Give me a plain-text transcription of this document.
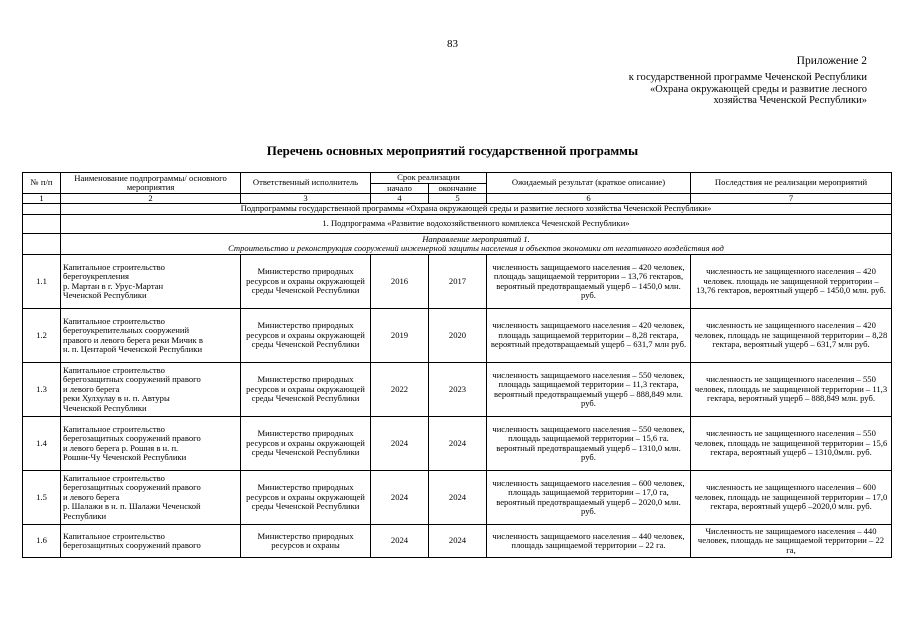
83
Приложение 2
к государственной программе Чеченской Республики «Охрана окружающей среды и развитие лесного хозяйства Чеченской Республики»
Перечень основных мероприятий государственной программы
№ п/п	Наименование подпрограммы/ основного мероприятия	Ответственный исполнитель	Срок реализации		Ожидаемый результат (краткое описание)	Последствия не реализации мероприятий
			начало	окончание		
1	2	3	4	5	6	7
	Подпрограммы государственной программы «Охрана окружающей среды и развитие лесного хозяйства Чеченской Республики»					
	1. Подпрограмма «Развитие водохозяйственного комплекса Чеченской Республики»					

	Направление мероприятий 1.
Строительство и реконструкция сооружений инженерной защиты населения и объектов экономики от негативного воздействия вод					

1.1	Капитальное строительство
берегоукрепления
р. Мартан в г. Урус-Мартан
Чеченской Республики	Министерство природных ресурсов и охраны окружающей среды Чеченской Республики	2016	2017	численность защищаемого населения – 420 человек, площадь защищаемой территории – 13,76 гектаров, вероятный предотвращаемый ущерб – 1450,0 млн. руб.	численность не защищенного населения – 420 человек. площадь не защищенной территории – 13,76 гектаров, вероятный ущерб – 1450,0 млн. руб.
1.2	Капитальное строительство
берегоукрепительных сооружений
правого и левого берега реки Мичик в
н. п. Центарой Чеченской Республики	Министерство природных ресурсов и охраны окружающей среды Чеченской Республики	2019	2020	численность защищаемого населения – 420 человек, площадь защищаемой территории – 8,28 гектара, вероятный предотвращаемый ущерб – 631,7 млн руб.	численность не защищенного населения – 420 человек, площадь не защищенной территории – 8,28 гектара, вероятный ущерб – 631,7 млн руб.
1.3	Капитальное строительство
берегозащитных сооружений правого
и левого берега
реки Хулхулау в н. п. Автуры
Чеченской Республики	Министерство природных ресурсов и охраны окружающей среды Чеченской Республики	2022	2023	численность защищаемого населения – 550 человек, площадь защищаемой территории – 11,3 гектара, вероятный предотвращаемый ущерб – 888,849 млн. руб.	численность не защищенного населения – 550 человек, площадь не защищенной территории – 11,3 гектара, вероятный ущерб – 888,849 млн. руб.
1.4	Капитальное строительство
берегозащитных сооружений правого
и левого берега р. Рошня в н. п.
Рошни-Чу Чеченской Республики	Министерство природных ресурсов и охраны окружающей среды Чеченской Республики	2024	2024	численность защищаемого населения – 550 человек, площадь защищаемой территории – 15,6 га.
вероятный предотвращаемый ущерб – 1310,0 млн. руб.	численность не защищенного населения – 550 человек, площадь не защищенной территории – 15,6 гектара, вероятный ущерб – 1310,0млн. руб.
1.5	Капитальное строительство
берегозащитных сооружений правого
и левого берега
р. Шалажи в н. п. Шалажи Чеченской
Республики	Министерство природных ресурсов и охраны окружающей среды Чеченской Республики	2024	2024	численность защищаемого населения – 600 человек, площадь защищаемой территории – 17,0 га,
вероятный предотвращаемый ущерб – 2020,0 млн. руб.	численность не защищенного населения – 600 человек, площадь не защищенной территории – 17,0 гектара, вероятный ущерб –2020,0 млн. руб.
1.6	Капитальное строительство
берегозащитных сооружений правого	Министерство природных ресурсов и охраны	2024	2024	численность защищаемого населения – 440 человек, площадь защищаемой территории – 22 га.	Численность не защищаемого населения – 440 человек, площадь не защищаемой территории – 22 га,
